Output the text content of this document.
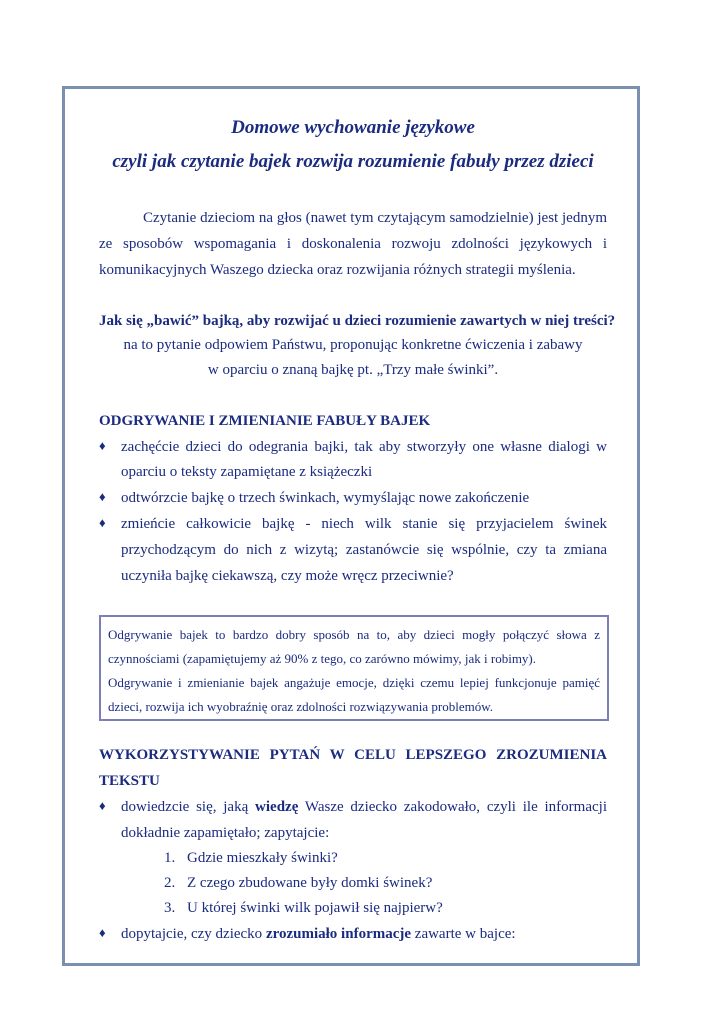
Domowe wychowanie językowe
czyli jak czytanie bajek rozwija rozumienie fabuły przez dzieci
Czytanie dzieciom na głos (nawet tym czytającym samodzielnie) jest jednym
ze sposobów wspomagania i doskonalenia rozwoju zdolności językowych i
komunikacyjnych Waszego dziecka oraz rozwijania różnych strategii myślenia.
Jak się „bawić” bajką, aby rozwijać u dzieci rozumienie zawartych w niej treści?
na to pytanie odpowiem Państwu, proponując konkretne ćwiczenia i zabawy
w oparciu o znaną bajkę pt. „Trzy małe świnki”.
ODGRYWANIE I ZMIENIANIE FABUŁY BAJEK
♦ zachęćcie dzieci do odegrania bajki, tak aby stworzyły one własne dialogi w
oparciu o teksty zapamiętane z książeczki
♦ odtwórzcie bajkę o trzech świnkach, wymyślając nowe zakończenie
♦ zmieńcie całkowicie bajkę - niech wilk stanie się przyjacielem świnek
przychodzącym do nich z wizytą; zastanówcie się wspólnie, czy ta zmiana
uczyniła bajkę ciekawszą, czy może wręcz przeciwnie?
Odgrywanie bajek to bardzo dobry sposób na to, aby dzieci mogły połączyć słowa z
czynnościami (zapamiętujemy aż 90% z tego, co zarówno mówimy, jak i robimy).
Odgrywanie i zmienianie bajek angażuje emocje, dzięki czemu lepiej funkcjonuje pamięć
dzieci, rozwija ich wyobraźnię oraz zdolności rozwiązywania problemów.
WYKORZYSTYWANIE PYTAŃ W CELU LEPSZEGO ZROZUMIENIA
TEKSTU
♦ dowiedzcie się, jaką wiedzę Wasze dziecko zakodowało, czyli ile informacji
dokładnie zapamiętało; zapytajcie:
1. Gdzie mieszkały świnki?
2. Z czego zbudowane były domki świnek?
3. U której świnki wilk pojawił się najpierw?
♦ dopytajcie, czy dziecko zrozumiało informacje zawarte w bajce:
